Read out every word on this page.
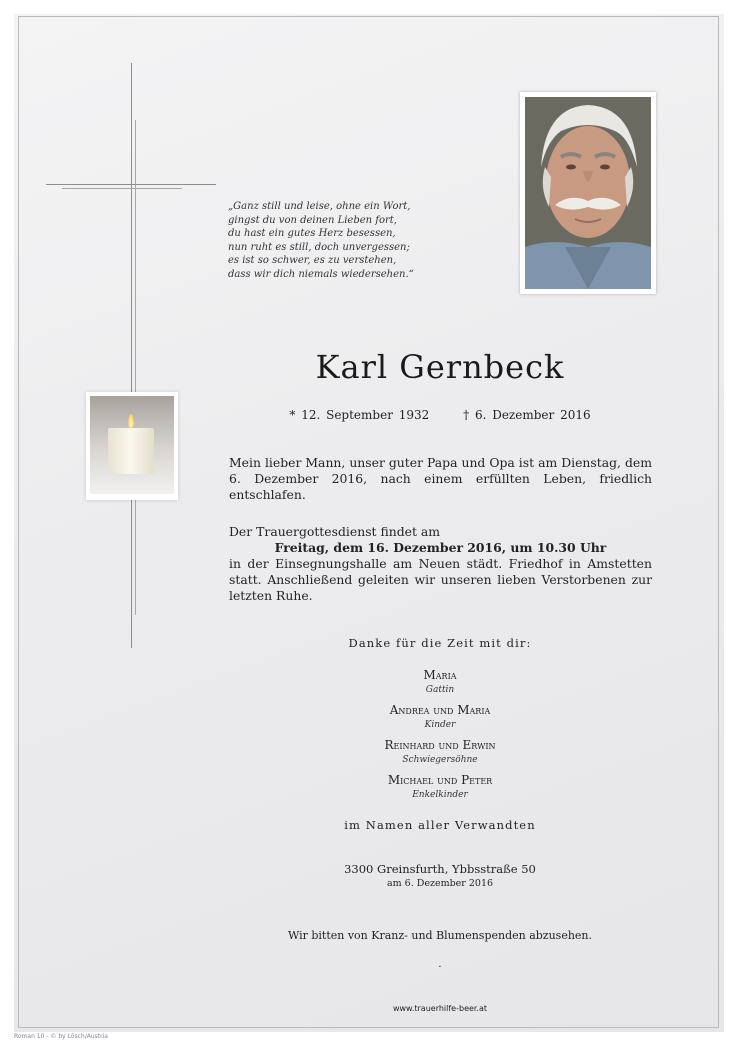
„Ganz still und leise, ohne ein Wort,
gingst du von deinen Lieben fort,
du hast ein gutes Herz besessen,
nun ruht es still, doch unvergessen;
es ist so schwer, es zu verstehen,
dass wir dich niemals wiedersehen.“
Karl Gernbeck
* 12. September 1932	† 6. Dezember 2016
Mein lieber Mann, unser guter Papa und Opa ist am Dienstag, dem 6. Dezember 2016, nach einem erfüllten Leben, friedlich entschlafen.
Der Trauergottesdienst findet am
Freitag, dem 16. Dezember 2016, um 10.30 Uhr
in der Einsegnungshalle am Neuen städt. Friedhof in Amstetten statt. Anschließend geleiten wir unseren lieben Verstorbenen zur letzten Ruhe.
Danke für die Zeit mit dir:
Maria
Gattin
Andrea und Maria
Kinder
Reinhard und Erwin
Schwiegersöhne
Michael und Peter
Enkelkinder
im Namen aller Verwandten
3300 Greinsfurth, Ybbsstraße 50
am 6. Dezember 2016
Wir bitten von Kranz- und Blumenspenden abzusehen.
·
www.trauerhilfe-beer.at
Roman 10 - © by Lösch/Austria
